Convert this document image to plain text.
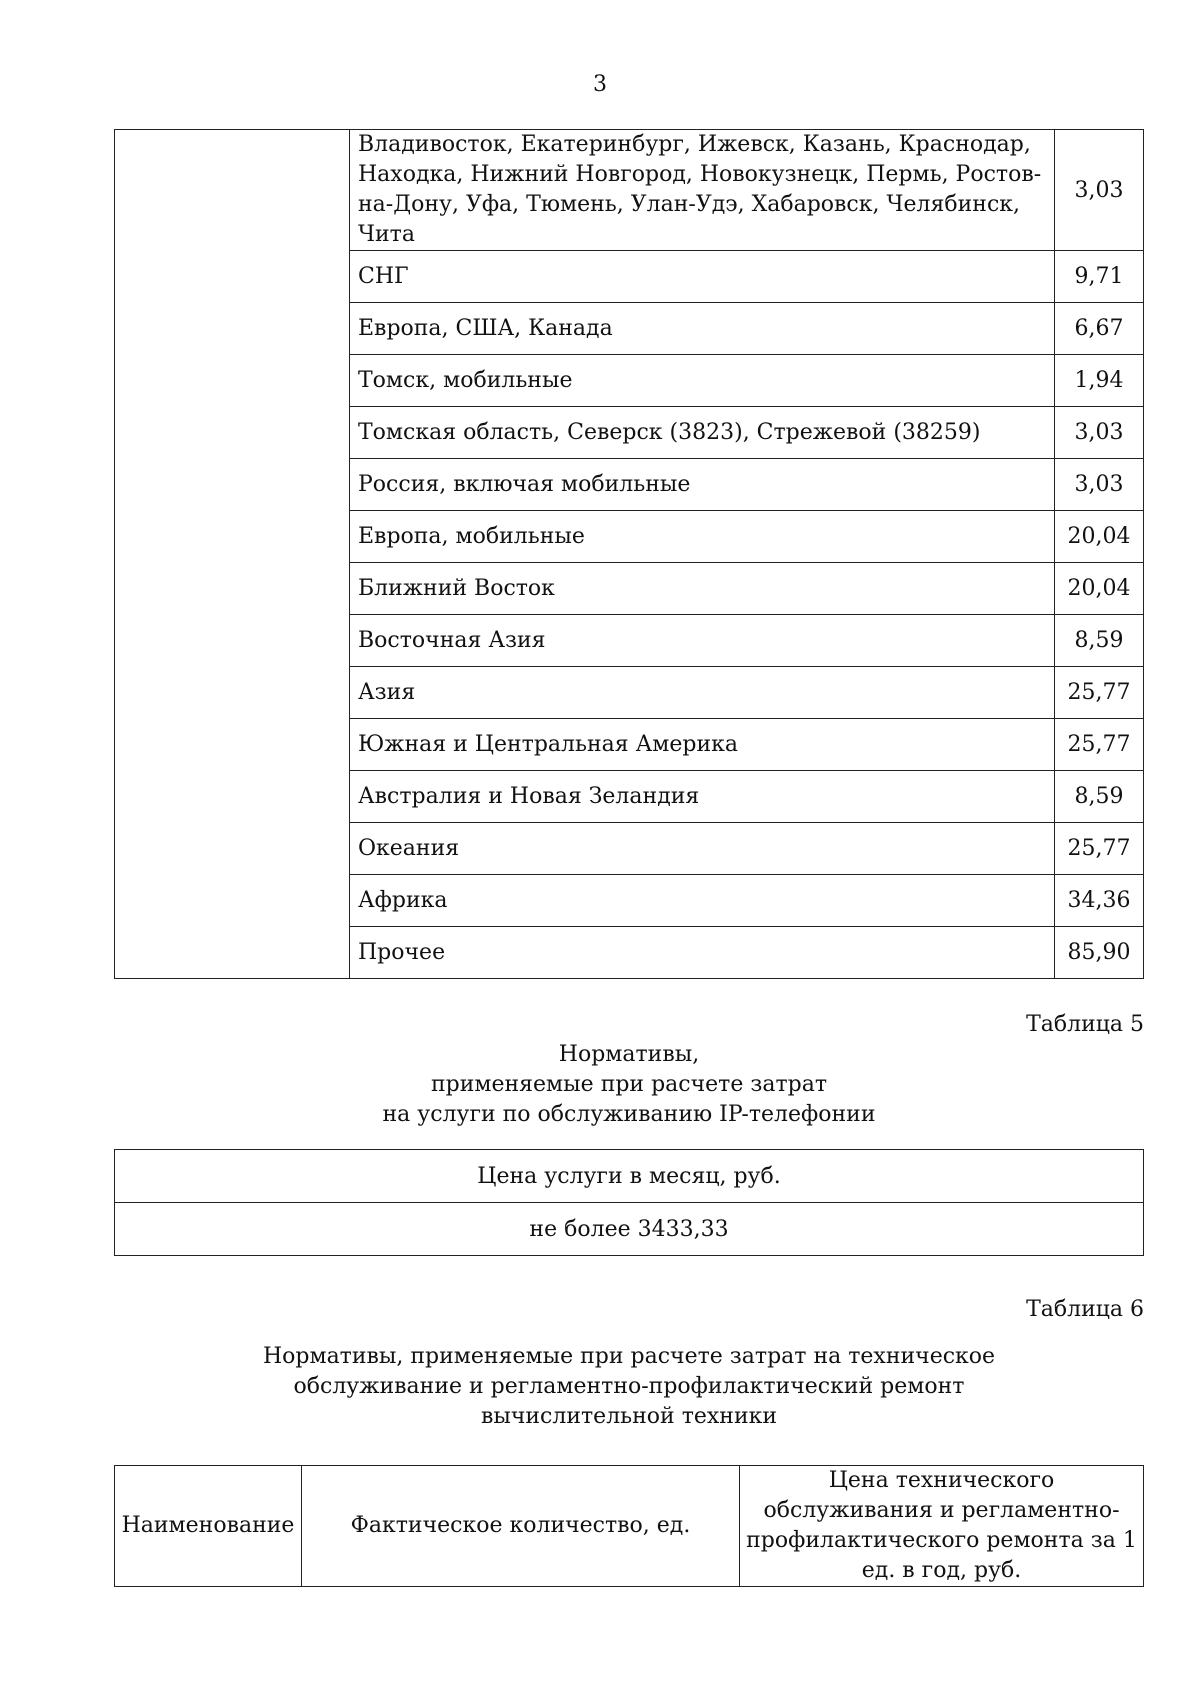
3
	Владивосток, Екатеринбург, Ижевск, Казань, Краснодар, Находка, Нижний Новгород, Новокузнецк, Пермь, Ростов-на-Дону, Уфа, Тюмень, Улан-Удэ, Хабаровск, Челябинск, Чита	3,03
	СНГ	9,71
	Европа, США, Канада	6,67
	Томск, мобильные	1,94
	Томская область, Северск (3823), Стрежевой (38259)	3,03
	Россия, включая мобильные	3,03
	Европа, мобильные	20,04
	Ближний Восток	20,04
	Восточная Азия	8,59
	Азия	25,77
	Южная и Центральная Америка	25,77
	Австралия и Новая Зеландия	8,59
	Океания	25,77
	Африка	34,36
	Прочее	85,90
Таблица 5
Нормативы,
применяемые при расчете затрат
на услуги по обслуживанию IP-телефонии
Цена услуги в месяц, руб.
не более 3433,33
Таблица 6
Нормативы, применяемые при расчете затрат на техническое
обслуживание и регламентно-профилактический ремонт
вычислительной техники
Наименование	Фактическое количество, ед.	Цена технического обслуживания и регламентно-профилактического ремонта за 1 ед. в год, руб.
